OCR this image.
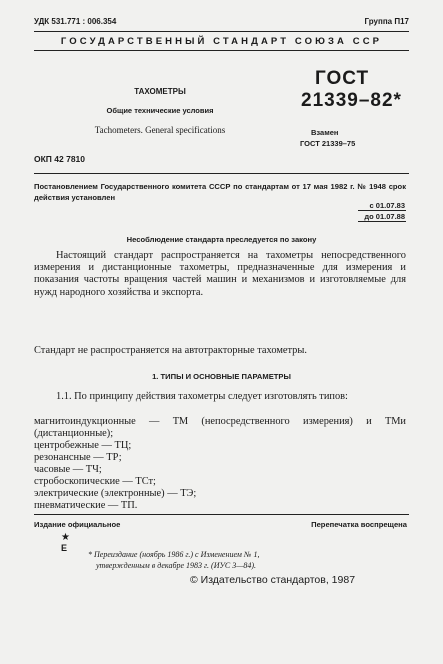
УДК 531.771 : 006.354	Группа П17
ГОСУДАРСТВЕННЫЙ СТАНДАРТ СОЮЗА ССР
ТАХОМЕТРЫ
Общие технические условия
Tachometers. General specifications
ГОСТ
21339–82*
Взамен
ГОСТ 21339–75
ОКП 42 7810
Постановлением Государственного комитета СССР по стандартам от 17 мая 1982 г. № 1948 срок действия установлен
с 01.07.83
до 01.07.88
Несоблюдение стандарта преследуется по закону
Настоящий стандарт распространяется на тахометры непосредственного измерения и дистанционные тахометры, предназначенные для измерения и показания частоты вращения частей машин и механизмов и изготовляемые для нужд народного хозяйства и экспорта.
Стандарт не распространяется на автотракторные тахометры.
1. ТИПЫ И ОСНОВНЫЕ ПАРАМЕТРЫ
1.1. По принципу действия тахометры следует изготовлять типов:
магнитоиндукционные — ТМ (непосредственного измерения) и ТМи (дистанционные);
центробежные — ТЦ;
резонансные — ТР;
часовые — ТЧ;
стробоскопические — ТСт;
электрические (электронные) — ТЭ;
пневматические — ТП.
Издание официальное	Перепечатка воспрещена
★
Е
* Переиздание (ноябрь 1986 г.) с Изменением № 1,
утвержденным в декабре 1983 г. (ИУС 3—84).
© Издательство стандартов, 1987
